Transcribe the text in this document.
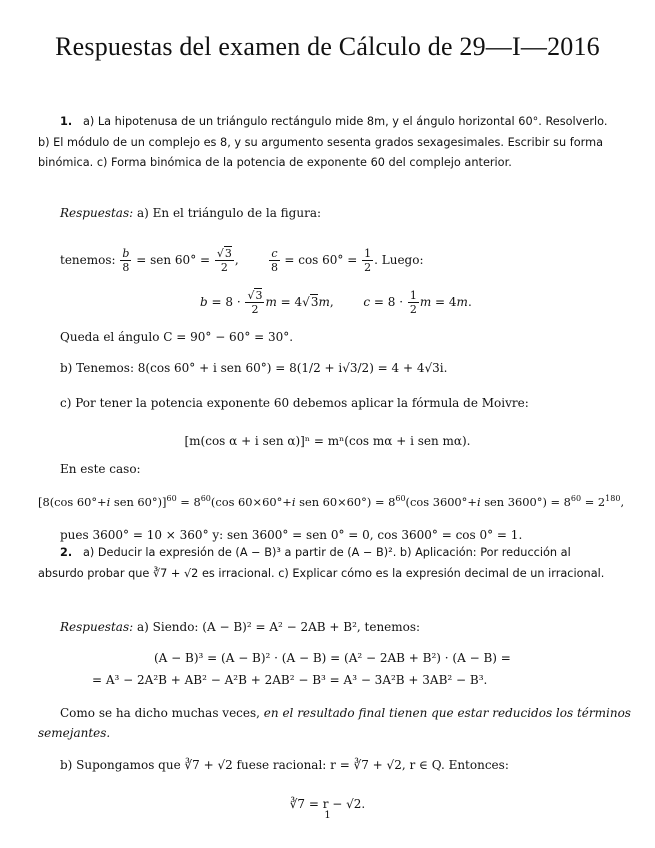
Respuestas del examen de Cálculo de 29—I—2016
1. a) La hipotenusa de un triángulo rectángulo mide 8m, y el ángulo horizontal 60°. Resolverlo.
b) El módulo de un complejo es 8, y su argumento sesenta grados sexagesimales. Escribir su forma
binómica. c) Forma binómica de la potencia de exponente 60 del complejo anterior.
Respuestas: a) En el triángulo de la figura:
tenemos: $\frac{b}{8}$ = sen $60^\circ = \frac{√3}{2}$ , $\frac{c}{8} = \cos 60^\circ = \frac{1}{2}$ . Luego:
$b = 8 \cdot \frac{√3}{2}$ m = 4√3m,  $c = 8 \cdot \frac{1}{2}$ m = 4m.
Queda el ángulo C = 90° − 60° = 30°.
b) Tenemos: 8(cos 60° + i sen 60°) = 8(1/2 + i√3/2) = 4 + 4√3i.
c) Por tener la potencia exponente 60 debemos aplicar la fórmula de Moivre:
[m(cos α + i sen α)]ⁿ = mⁿ(cos mα + i sen mα).
En este caso:
[8(cos 60°+i sen $60^\circ)]^{60} = 8^{60}(\cos$ 60×60°+i sen $60\times 60^\circ) = 8^{60}(\cos$ 3600°+i sen $3600^\circ) = 8^{60} = 2^{180}$,
pues 3600° = 10 × 360° y: sen 3600° = sen 0° = 0, cos 3600° = cos 0° = 1.
2. a) Deducir la expresión de (A − B)³ a partir de (A − B)². b) Aplicación: Por reducción al
absurdo probar que ∛7 + √2 es irracional. c) Explicar cómo es la expresión decimal de un irracional.
Respuestas: a) Siendo: (A − B)² = A² − 2AB + B², tenemos:
(A − B)³ = (A − B)² · (A − B) = (A² − 2AB + B²) · (A − B) =
= A³ − 2A²B + AB² − A²B + 2AB² − B³ = A³ − 3A²B + 3AB² − B³.
Como se ha dicho muchas veces, en el resultado final tienen que estar reducidos los términos
semejantes.
b) Supongamos que ∛7 + √2 fuese racional: r = ∛7 + √2, r ∈ Q. Entonces:
∛7 = r − √2.
1
